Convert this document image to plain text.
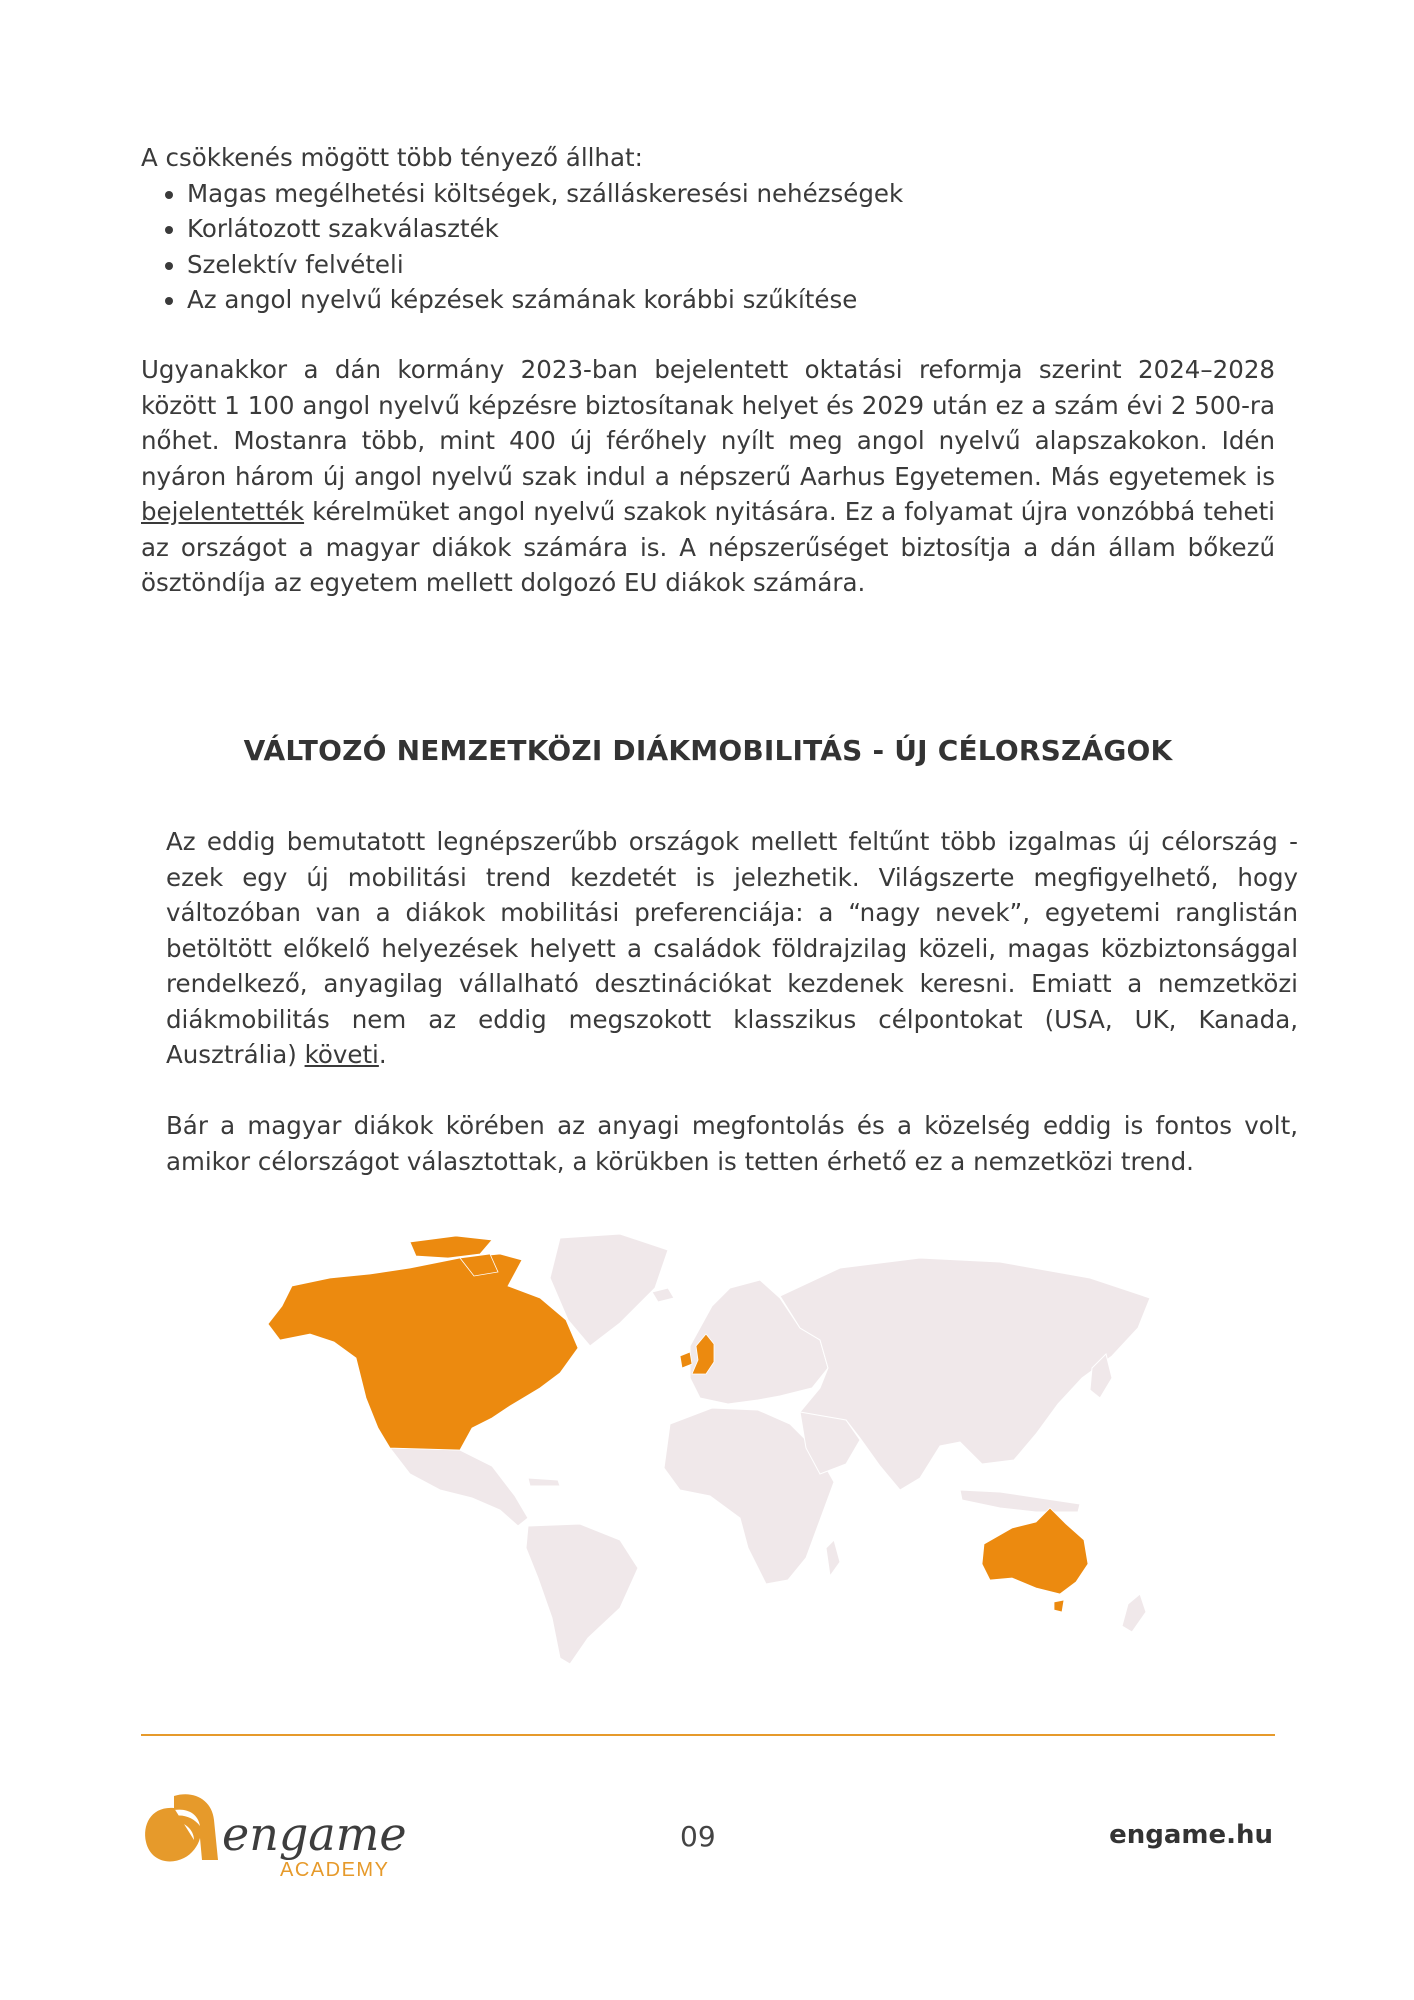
A csökkenés mögött több tényező állhat:

• Magas megélhetési költségek, szálláskeresési nehézségek
• Korlátozott szakválaszték
• Szelektív felvételi
• Az angol nyelvű képzések számának korábbi szűkítése

Ugyanakkor a dán kormány 2023-ban bejelentett oktatási reformja szerint 2024–2028 között 1 100 angol nyelvű képzésre biztosítanak helyet és 2029 után ez a szám évi 2 500-ra nőhet. Mostanra több, mint 400 új férőhely nyílt meg angol nyelvű alapszakokon. Idén nyáron három új angol nyelvű szak indul a népszerű Aarhus Egyetemen. Más egyetemek is bejelentették kérelmüket angol nyelvű szakok nyitására. Ez a folyamat újra vonzóbbá teheti az országot a magyar diákok számára is. A népszerűséget biztosítja a dán állam bőkezű ösztöndíja az egyetem mellett dolgozó EU diákok számára.

VÁLTOZÓ NEMZETKÖZI DIÁKMOBILITÁS - ÚJ CÉLORSZÁGOK

Az eddig bemutatott legnépszerűbb országok mellett feltűnt több izgalmas új célország - ezek egy új mobilitási trend kezdetét is jelezhetik. Világszerte megfigyelhető, hogy változóban van a diákok mobilitási preferenciája: a “nagy nevek”, egyetemi ranglistán betöltött előkelő helyezések helyett a családok földrajzilag közeli, magas közbiztonsággal rendelkező, anyagilag vállalható desztinációkat kezdenek keresni. Emiatt a nemzetközi diákmobilitás nem az eddig megszokott klasszikus célpontokat (USA, UK, Kanada, Ausztrália) követi.

Bár a magyar diákok körében az anyagi megfontolás és a közelség eddig is fontos volt, amikor célországot választottak, a körükben is tetten érhető ez a nemzetközi trend.

engame
ACADEMY
09	engame.hu
